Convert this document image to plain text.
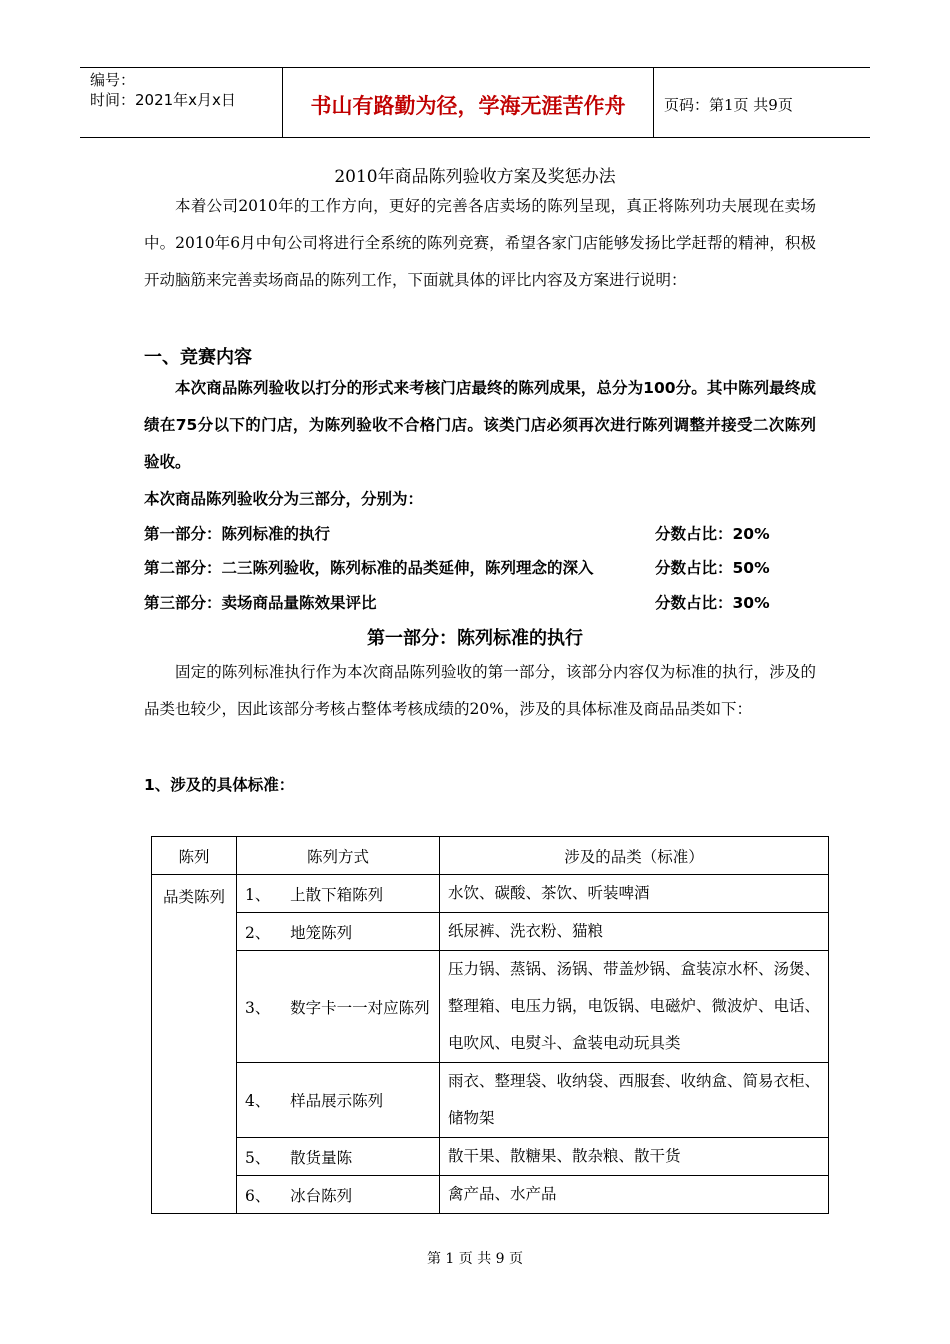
编号：
时间：2021年x月x日	书山有路勤为径，学海无涯苦作舟	页码：第1页 共9页
2010年商品陈列验收方案及奖惩办法
本着公司2010年的工作方向，更好的完善各店卖场的陈列呈现，真正将陈列功夫展现在卖场中。2010年6月中旬公司将进行全系统的陈列竞赛，希望各家门店能够发扬比学赶帮的精神，积极开动脑筋来完善卖场商品的陈列工作，下面就具体的评比内容及方案进行说明：
一、竞赛内容
本次商品陈列验收以打分的形式来考核门店最终的陈列成果，总分为100分。其中陈列最终成绩在75分以下的门店，为陈列验收不合格门店。该类门店必须再次进行陈列调整并接受二次陈列验收。
本次商品陈列验收分为三部分，分别为：
第一部分：陈列标准的执行	分数占比：20%
第二部分：二三陈列验收，陈列标准的品类延伸，陈列理念的深入	分数占比：50%
第三部分：卖场商品量陈效果评比	分数占比：30%
第一部分：陈列标准的执行
固定的陈列标准执行作为本次商品陈列验收的第一部分，该部分内容仅为标准的执行，涉及的品类也较少，因此该部分考核占整体考核成绩的20%，涉及的具体标准及商品品类如下：
1、涉及的具体标准：
陈列	陈列方式	涉及的品类（标准）
品类陈列	1、 上散下箱陈列	水饮、碳酸、茶饮、听装啤酒
	2、 地笼陈列	纸尿裤、洗衣粉、猫粮
	3、 数字卡一一对应陈列	压力锅、蒸锅、汤锅、带盖炒锅、盒装凉水杯、汤煲、整理箱、电压力锅，电饭锅、电磁炉、微波炉、电话、电吹风、电熨斗、盒装电动玩具类
	4、 样品展示陈列	雨衣、整理袋、收纳袋、西服套、收纳盒、简易衣柜、储物架
	5、 散货量陈	散干果、散糖果、散杂粮、散干货
	6、 冰台陈列	禽产品、水产品
第 1 页 共 9 页
